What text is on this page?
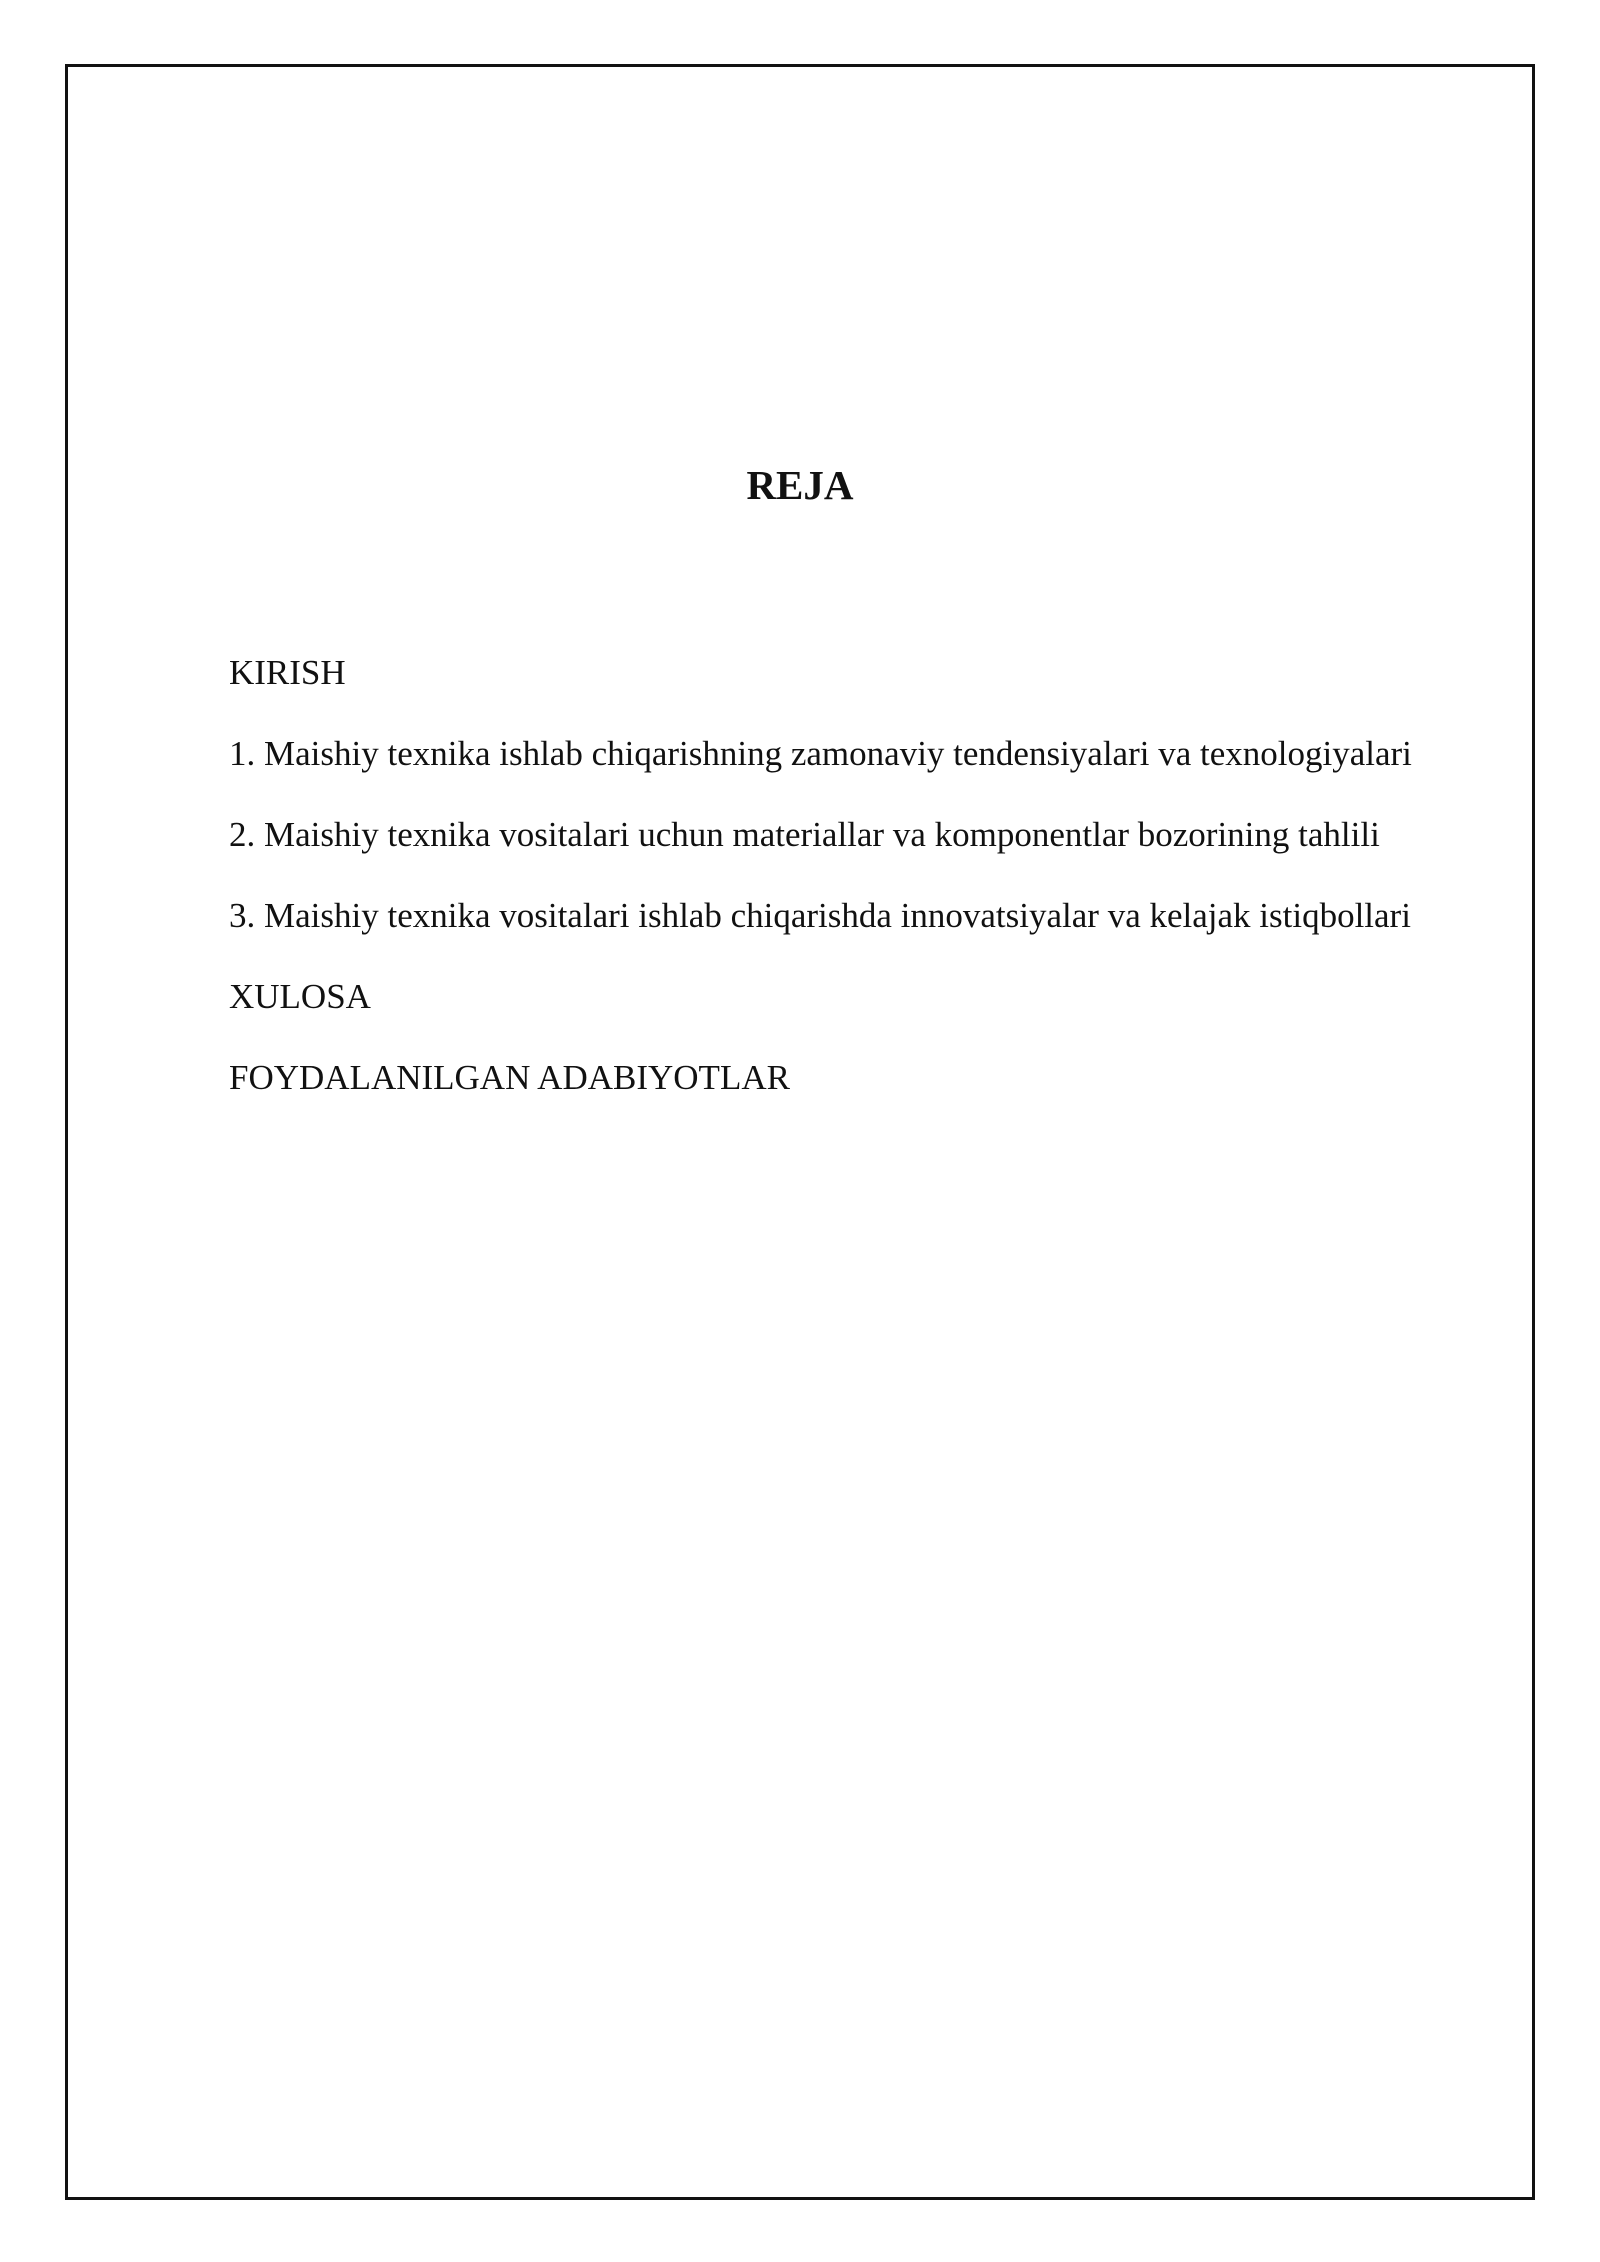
REJA
KIRISH
1. Maishiy texnika ishlab chiqarishning zamonaviy tendensiyalari va texnologiyalari
2. Maishiy texnika vositalari uchun materiallar va komponentlar bozorining tahlili
3. Maishiy texnika vositalari ishlab chiqarishda innovatsiyalar va kelajak istiqbollari
XULOSA
FOYDALANILGAN ADABIYOTLAR
